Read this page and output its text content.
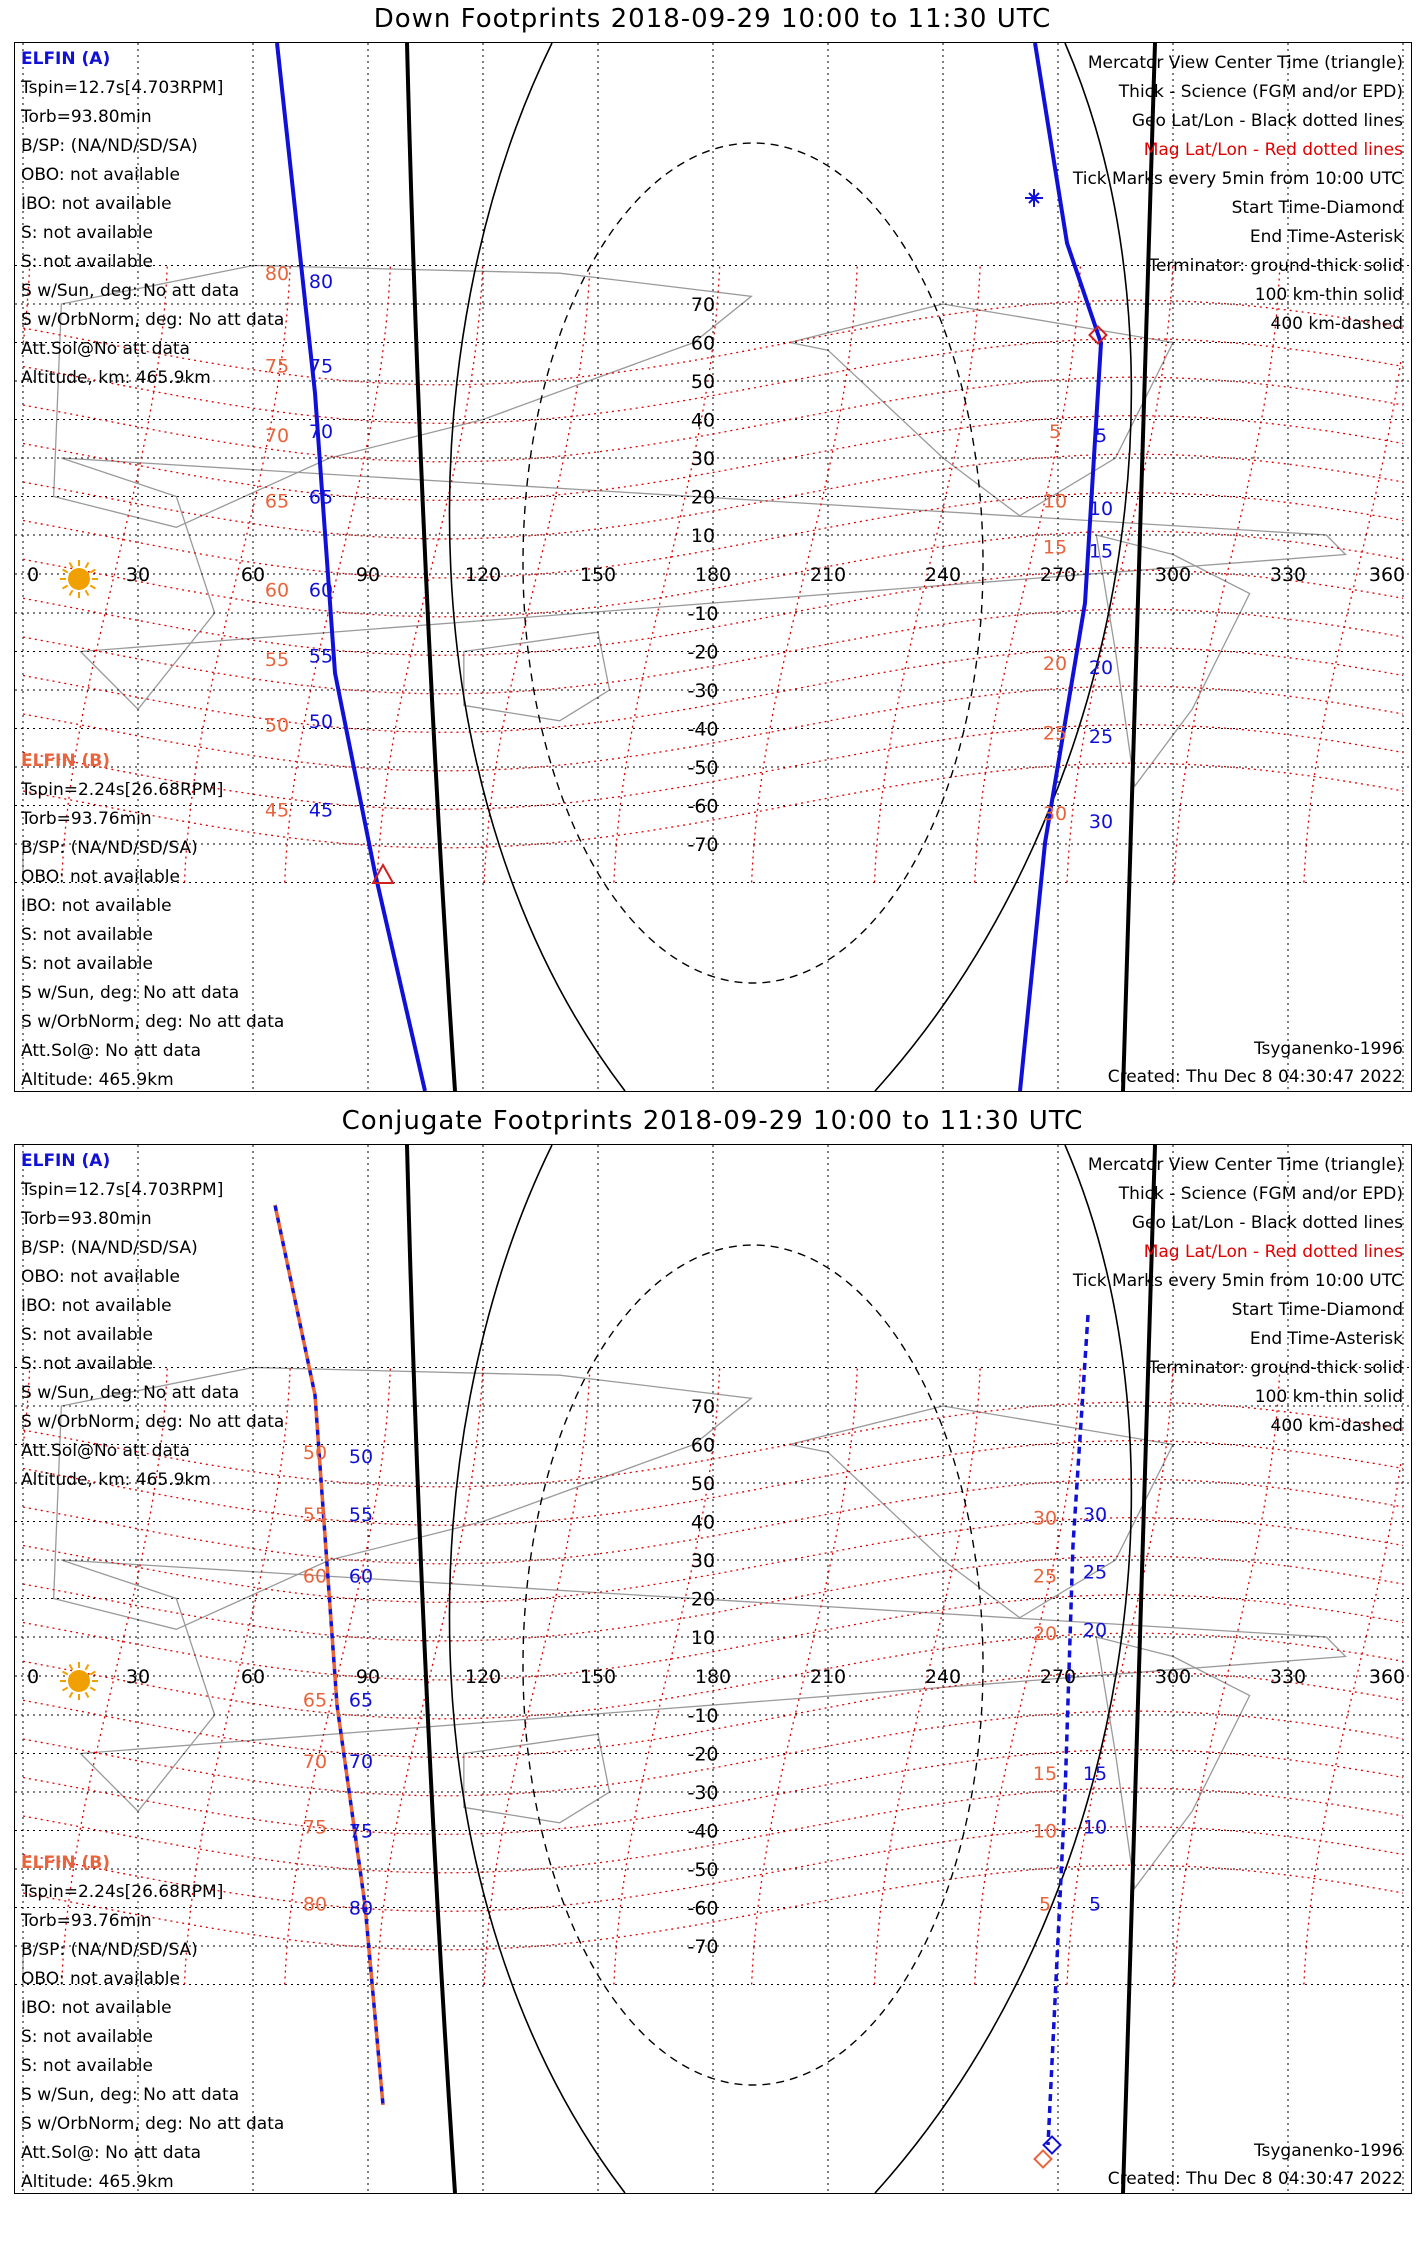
Down Footprints 2018-09-29 10:00 to 11:30 UTC
0	30	60	90	120	150	180	210	240	270	300	330	360
70
60
50
40
30
20
10
-10
-20
-30
-40
-50
-60
-70
80
75
70
65
60
55
50
45
80
75
70
65
60
55
50
45
5
10
15
20
25
30
5
10
15
20
25
30
ELFIN (A)
Tspin=12.7s[4.703RPM]
Torb=93.80min
B/SP: (NA/ND/SD/SA)
OBO: not available
IBO: not available
S: not available
S: not available
S w/Sun, deg: No att data
S w/OrbNorm, deg: No att data
Att.Sol@No att data
Altitude, km: 465.9km
ELFIN (B)
Tspin=2.24s[26.68RPM]
Torb=93.76min
B/SP: (NA/ND/SD/SA)
OBO: not available
IBO: not available
S: not available
S: not available
S w/Sun, deg: No att data
S w/OrbNorm, deg: No att data
Att.Sol@: No att data
Altitude: 465.9km
Mercator View Center Time (triangle)
Thick - Science (FGM and/or EPD)
Geo Lat/Lon - Black dotted lines
Mag Lat/Lon - Red dotted lines
Tick Marks every 5min from 10:00 UTC
Start Time-Diamond
End Time-Asterisk
Terminator: ground-thick solid
100 km-thin solid
400 km-dashed
Tsyganenko-1996
Created: Thu Dec 8 04:30:47 2022
Conjugate Footprints 2018-09-29 10:00 to 11:30 UTC
0	30	60	90	120	150	180	210	240	270	300	330	360
70
60
50
40
30
20
10
-10
-20
-30
-40
-50
-60
-70
50
55
60
65
70
75
80
50
55
60
65
70
75
80
30
25
20
15
10
5
30
25
20
15
10
5
ELFIN (A)
Tspin=12.7s[4.703RPM]
Torb=93.80min
B/SP: (NA/ND/SD/SA)
OBO: not available
IBO: not available
S: not available
S: not available
S w/Sun, deg: No att data
S w/OrbNorm, deg: No att data
Att.Sol@No att data
Altitude, km: 465.9km
ELFIN (B)
Tspin=2.24s[26.68RPM]
Torb=93.76min
B/SP: (NA/ND/SD/SA)
OBO: not available
IBO: not available
S: not available
S: not available
S w/Sun, deg: No att data
S w/OrbNorm, deg: No att data
Att.Sol@: No att data
Altitude: 465.9km
Mercator View Center Time (triangle)
Thick - Science (FGM and/or EPD)
Geo Lat/Lon - Black dotted lines
Mag Lat/Lon - Red dotted lines
Tick Marks every 5min from 10:00 UTC
Start Time-Diamond
End Time-Asterisk
Terminator: ground-thick solid
100 km-thin solid
400 km-dashed
Tsyganenko-1996
Created: Thu Dec 8 04:30:47 2022
